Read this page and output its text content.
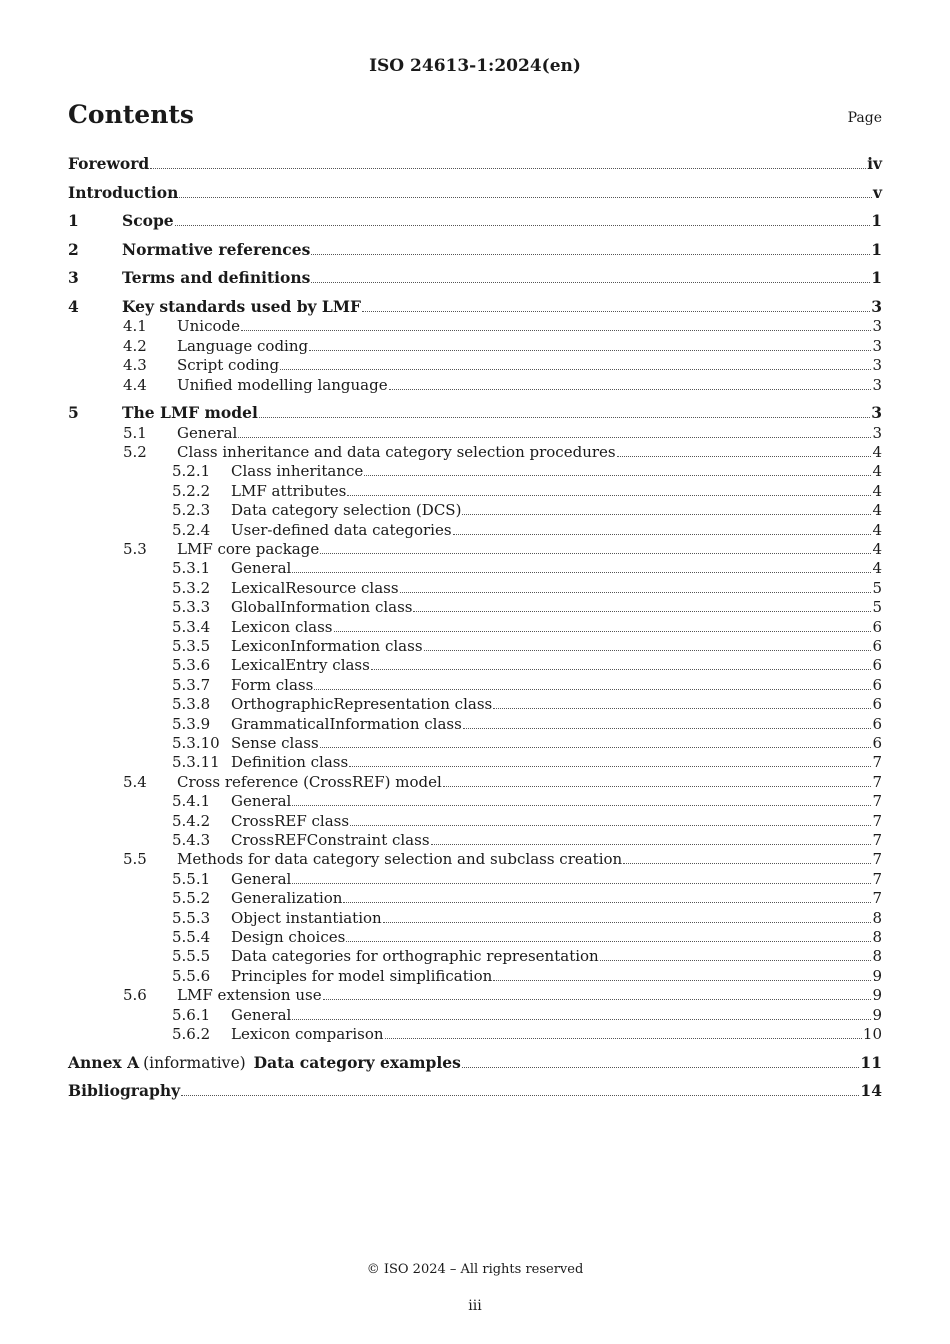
ISO 24613-1:2024(en)
Contents	Page
Foreword	iv
Introduction	v
1	Scope	1
2	Normative references	1
3	Terms and definitions	1
4	Key standards used by LMF	3
4.1	Unicode	3
4.2	Language coding	3
4.3	Script coding	3
4.4	Unified modelling language	3
5	The LMF model	3
5.1	General	3
5.2	Class inheritance and data category selection procedures	4
5.2.1	Class inheritance	4
5.2.2	LMF attributes	4
5.2.3	Data category selection (DCS)	4
5.2.4	User-defined data categories	4
5.3	LMF core package	4
5.3.1	General	4
5.3.2	LexicalResource class	5
5.3.3	GlobalInformation class	5
5.3.4	Lexicon class	6
5.3.5	LexiconInformation class	6
5.3.6	LexicalEntry class	6
5.3.7	Form class	6
5.3.8	OrthographicRepresentation class	6
5.3.9	GrammaticalInformation class	6
5.3.10 Sense class	6
5.3.11 Definition class	7
5.4	Cross reference (CrossREF) model	7
5.4.1	General	7
5.4.2	CrossREF class	7
5.4.3	CrossREFConstraint class	7
5.5	Methods for data category selection and subclass creation	7
5.5.1	General	7
5.5.2	Generalization	7
5.5.3	Object instantiation	8
5.5.4	Design choices	8
5.5.5	Data categories for orthographic representation	8
5.5.6	Principles for model simplification	9
5.6	LMF extension use	9
5.6.1	General	9
5.6.2	Lexicon comparison	10
Annex A (informative) Data category examples	11
Bibliography	14
© ISO 2024 – All rights reserved
iii
